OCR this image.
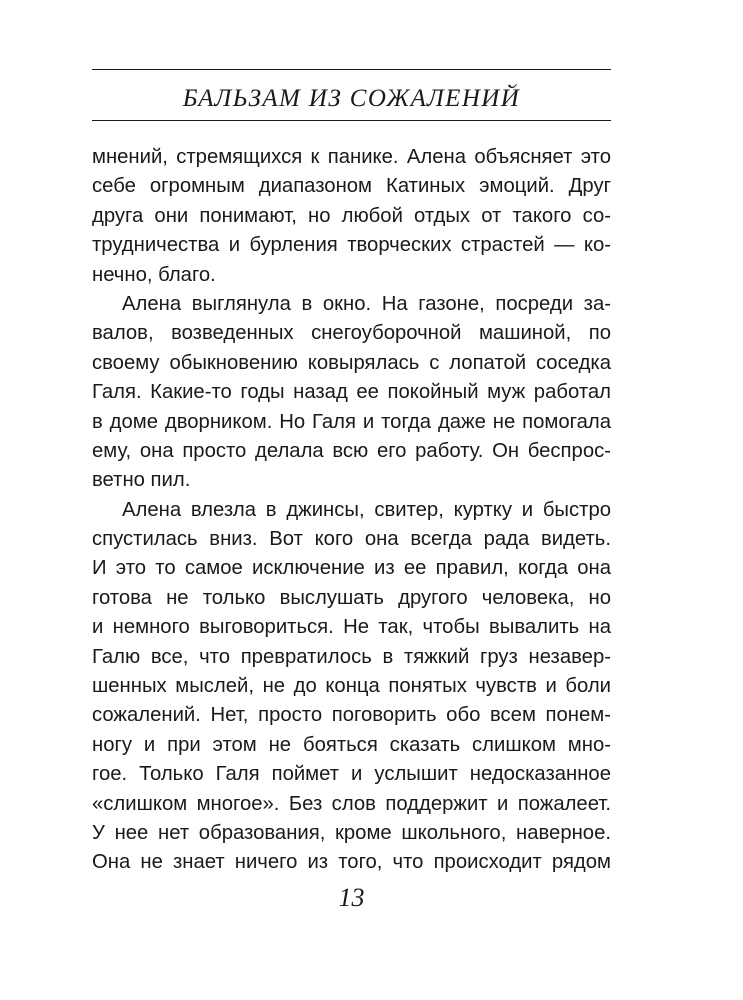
БАЛЬЗАМ ИЗ СОЖАЛЕНИЙ
мнений, стремящихся к панике. Алена объясняет это
себе огромным диапазоном Катиных эмоций. Друг
друга они понимают, но любой отдых от такого со-
трудничества и бурления творческих страстей — ко-
нечно, благо.
Алена выглянула в окно. На газоне, посреди за-
валов, возведенных снегоуборочной машиной, по
своему обыкновению ковырялась с лопатой соседка
Галя. Какие-то годы назад ее покойный муж работал
в доме дворником. Но Галя и тогда даже не помогала
ему, она просто делала всю его работу. Он беспрос-
ветно пил.
Алена влезла в джинсы, свитер, куртку и быстро
спустилась вниз. Вот кого она всегда рада видеть.
И это то самое исключение из ее правил, когда она
готова не только выслушать другого человека, но
и немного выговориться. Не так, чтобы вывалить на
Галю все, что превратилось в тяжкий груз незавер-
шенных мыслей, не до конца понятых чувств и боли
сожалений. Нет, просто поговорить обо всем понем-
ногу и при этом не бояться сказать слишком мно-
гое. Только Галя поймет и услышит недосказанное
«слишком многое». Без слов поддержит и пожалеет.
У нее нет образования, кроме школьного, наверное.
Она не знает ничего из того, что происходит рядом
13
